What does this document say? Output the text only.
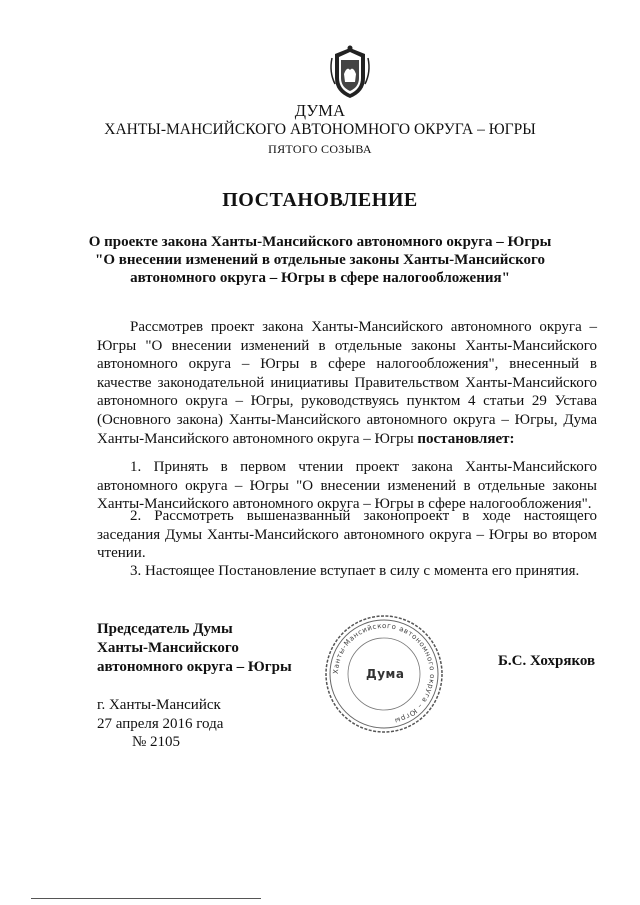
ДУМА
ХАНТЫ-МАНСИЙСКОГО АВТОНОМНОГО ОКРУГА – ЮГРЫ
ПЯТОГО СОЗЫВА
ПОСТАНОВЛЕНИЕ
О проекте закона Ханты-Мансийского автономного округа – Югры
"О внесении изменений в отдельные законы Ханты-Мансийского
автономного округа – Югры в сфере налогообложения"
Рассмотрев проект закона Ханты-Мансийского автономного округа – Югры "О внесении изменений в отдельные законы Ханты-Мансийского автономного округа – Югры в сфере налогообложения", внесенный в качестве законодательной инициативы Правительством Ханты-Мансийского автономного округа – Югры, руководствуясь пунктом 4 статьи 29 Устава (Основного закона) Ханты-Мансийского автономного округа – Югры, Дума Ханты-Мансийского автономного округа – Югры постановляет:
1. Принять в первом чтении проект закона Ханты-Мансийского автономного округа – Югры "О внесении изменений в отдельные законы Ханты-Мансийского автономного округа – Югры в сфере налогообложения".
2. Рассмотреть вышеназванный законопроект в ходе настоящего заседания Думы Ханты-Мансийского автономного округа – Югры во втором чтении.
3. Настоящее Постановление вступает в силу с момента его принятия.
Председатель Думы
Ханты-Мансийского
автономного округа – Югры	Ханты-Мансийского автономного округа – Югры
Дума
Б.С. Хохряков
г. Ханты-Мансийск
27 апреля 2016 года
№ 2105
